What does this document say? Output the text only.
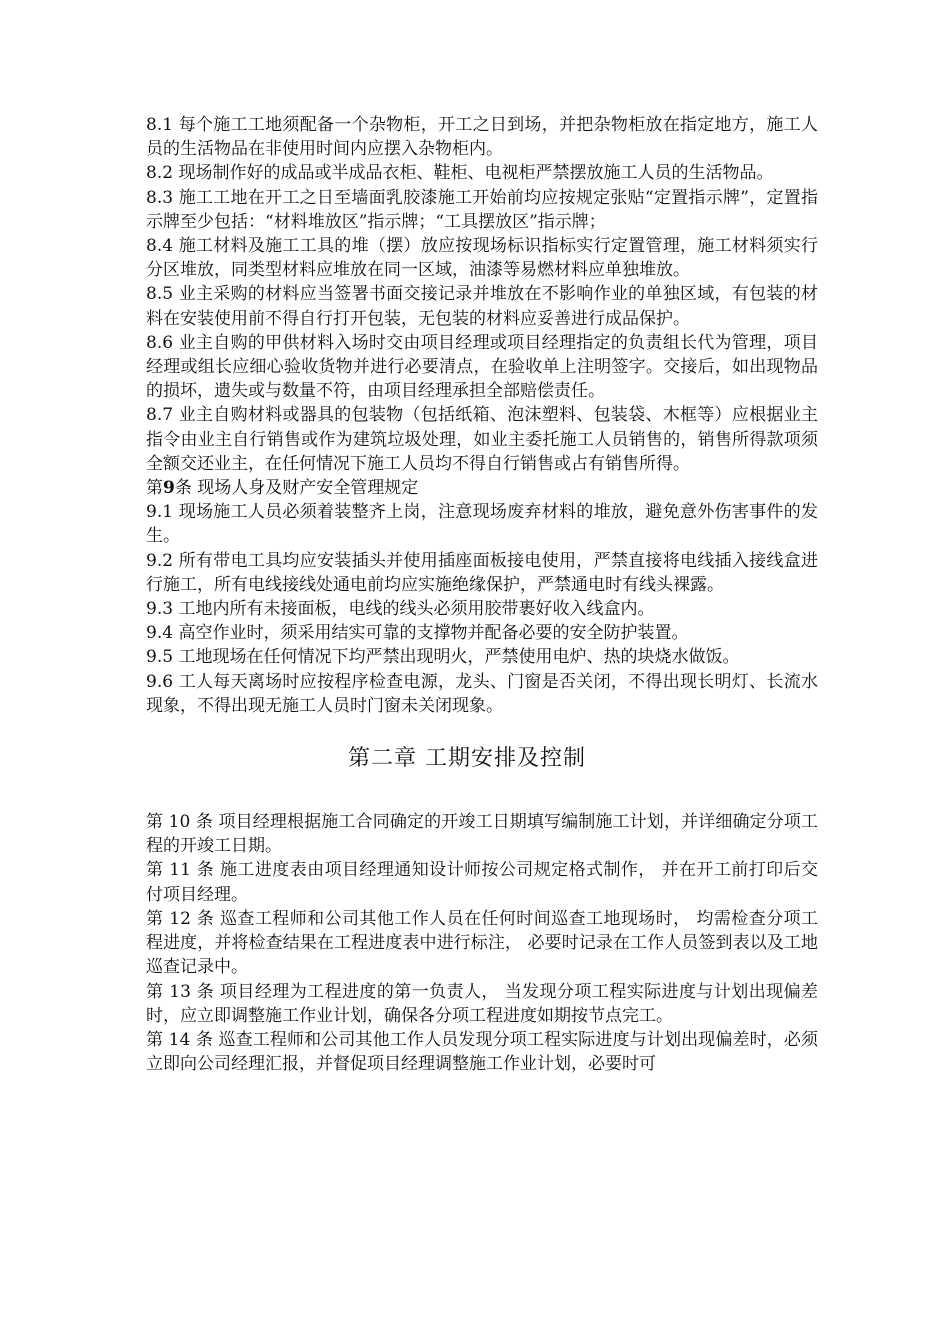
8.1 每个施工工地须配备一个杂物柜，开工之日到场，并把杂物柜放在指定地方，施工人员的生活物品在非使用时间内应摆入杂物柜内。

8.2 现场制作好的成品或半成品衣柜、鞋柜、电视柜严禁摆放施工人员的生活物品。

8.3 施工工地在开工之日至墙面乳胶漆施工开始前均应按规定张贴“定置指示牌”，定置指示牌至少包括：“材料堆放区”指示牌；“工具摆放区”指示牌；

8.4 施工材料及施工工具的堆（摆）放应按现场标识指标实行定置管理，施工材料须实行分区堆放，同类型材料应堆放在同一区域，油漆等易燃材料应单独堆放。

8.5 业主采购的材料应当签署书面交接记录并堆放在不影响作业的单独区域，有包装的材料在安装使用前不得自行打开包装，无包装的材料应妥善进行成品保护。

8.6 业主自购的甲供材料入场时交由项目经理或项目经理指定的负责组长代为管理，项目经理或组长应细心验收货物并进行必要清点，在验收单上注明签字。交接后，如出现物品的损坏，遗失或与数量不符，由项目经理承担全部赔偿责任。

8.7 业主自购材料或器具的包装物（包括纸箱、泡沫塑料、包装袋、木框等）应根据业主指令由业主自行销售或作为建筑垃圾处理，如业主委托施工人员销售的，销售所得款项须全额交还业主，在任何情况下施工人员均不得自行销售或占有销售所得。

第9条 现场人身及财产安全管理规定

9.1 现场施工人员必须着装整齐上岗，注意现场废弃材料的堆放，避免意外伤害事件的发生。

9.2 所有带电工具均应安装插头并使用插座面板接电使用，严禁直接将电线插入接线盒进行施工，所有电线接线处通电前均应实施绝缘保护，严禁通电时有线头裸露。

9.3 工地内所有未接面板，电线的线头必须用胶带裹好收入线盒内。

9.4 高空作业时，须采用结实可靠的支撑物并配备必要的安全防护装置。

9.5 工地现场在任何情况下均严禁出现明火，严禁使用电炉、热的块烧水做饭。

9.6 工人每天离场时应按程序检查电源，龙头、门窗是否关闭，不得出现长明灯、长流水现象，不得出现无施工人员时门窗未关闭现象。

第二章 工期安排及控制

第 10 条 项目经理根据施工合同确定的开竣工日期填写编制施工计划，并详细确定分项工程的开竣工日期。

第 11 条 施工进度表由项目经理通知设计师按公司规定格式制作， 并在开工前打印后交付项目经理。

第 12 条 巡查工程师和公司其他工作人员在任何时间巡查工地现场时， 均需检查分项工程进度，并将检查结果在工程进度表中进行标注， 必要时记录在工作人员签到表以及工地巡查记录中。

第 13 条 项目经理为工程进度的第一负责人， 当发现分项工程实际进度与计划出现偏差时，应立即调整施工作业计划，确保各分项工程进度如期按节点完工。

第 14 条 巡查工程师和公司其他工作人员发现分项工程实际进度与计划出现偏差时，必须立即向公司经理汇报，并督促项目经理调整施工作业计划，必要时可
